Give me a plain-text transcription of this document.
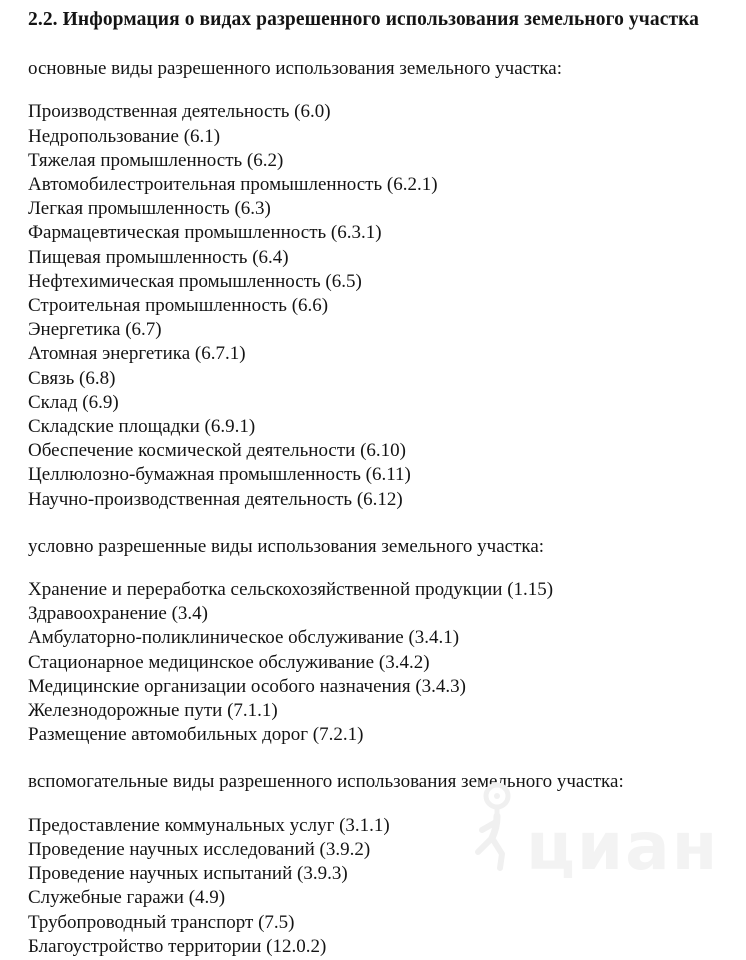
2.2. Информация о видах разрешенного использования земельного участка
основные виды разрешенного использования земельного участка:
Производственная деятельность (6.0)
Недропользование (6.1)
Тяжелая промышленность (6.2)
Автомобилестроительная промышленность (6.2.1)
Легкая промышленность (6.3)
Фармацевтическая промышленность (6.3.1)
Пищевая промышленность (6.4)
Нефтехимическая промышленность (6.5)
Строительная промышленность (6.6)
Энергетика (6.7)
Атомная энергетика (6.7.1)
Связь (6.8)
Склад (6.9)
Складские площадки (6.9.1)
Обеспечение космической деятельности (6.10)
Целлюлозно-бумажная промышленность (6.11)
Научно-производственная деятельность (6.12)
условно разрешенные виды использования земельного участка:
Хранение и переработка сельскохозяйственной продукции (1.15)
Здравоохранение (3.4)
Амбулаторно-поликлиническое обслуживание (3.4.1)
Стационарное медицинское обслуживание (3.4.2)
Медицинские организации особого назначения (3.4.3)
Железнодорожные пути (7.1.1)
Размещение автомобильных дорог (7.2.1)
вспомогательные виды разрешенного использования земельного участка:
Предоставление коммунальных услуг (3.1.1)
Проведение научных исследований (3.9.2)
Проведение научных испытаний (3.9.3)
Служебные гаражи (4.9)
Трубопроводный транспорт (7.5)
Благоустройство территории (12.0.2)
циан
